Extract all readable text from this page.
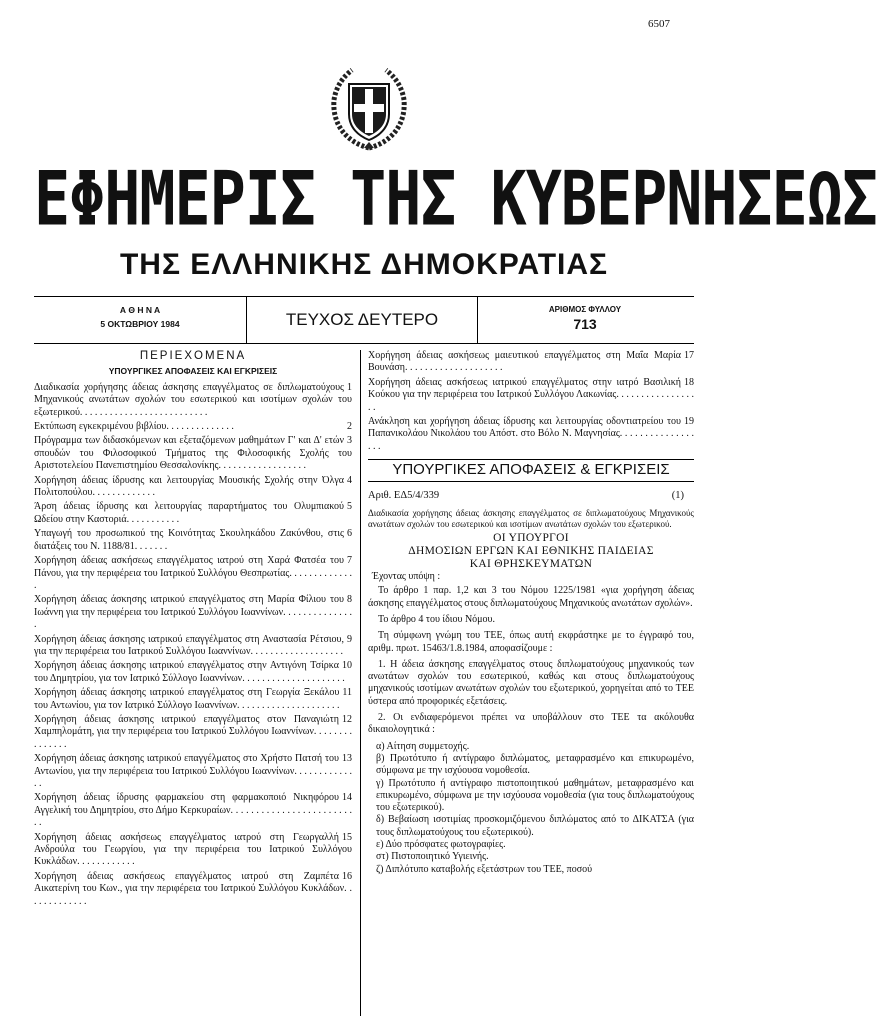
6507
ΕΦΗΜΕΡΙΣ ΤΗΣ ΚΥΒΕΡΝΗΣΕΩΣ
ΤΗΣ ΕΛΛΗΝΙΚΗΣ ΔΗΜΟΚΡΑΤΙΑΣ
Α Θ Η Ν Α
5 ΟΚΤΩΒΡΙΟΥ 1984	ΤΕΥΧΟΣ ΔΕΥΤΕΡΟ
ΑΡΙΘΜΟΣ ΦΥΛΛΟΥ
713
ΠΕΡΙΕΧΟΜΕΝΑ
ΥΠΟΥΡΓΙΚΕΣ ΑΠΟΦΑΣΕΙΣ ΚΑΙ ΕΓΚΡΙΣΕΙΣ
1
Διαδικασία χορήγησης άδειας άσκησης επαγγέλματος σε διπλωματούχους Μηχανικούς ανωτάτων σχολών του εσωτερικού και ισοτίμων σχολών του εξωτερικού. . . . . . . . . . . . . . . . . . . . . . . . . .
2
Εκτύπωση εγκεκριμένου βιβλίου. . . . . . . . . . . . . .
3
Πρόγραμμα των διδασκόμενων και εξεταζόμενων μαθημάτων Γ' και Δ' ετών σπουδών του Φιλοσοφικού Τμήματος της Φιλοσοφικής Σχολής του Αριστοτελείου Πανεπιστημίου Θεσσαλονίκης. . . . . . . . . . . . . . . . . .
4
Χορήγηση άδειας ίδρυσης και λειτουργίας Μουσικής Σχολής στην Όλγα Πολιτοπούλου. . . . . . . . . . . . .
5
Άρση άδειας ίδρυσης και λειτουργίας παραρτήματος του Ολυμπιακού Ωδείου στην Καστοριά. . . . . . . . . . .
6
Υπαγωγή του προσωπικού της Κοινότητας Σκουληκάδου Ζακύνθου, στις διατάξεις του Ν. 1188/81. . . . . . .
7
Χορήγηση άδειας ασκήσεως επαγγέλματος ιατρού στη Χαρά Φατσέα του Πάνου, για την περιφέρεια του Ιατρικού Συλλόγου Θεσπρωτίας. . . . . . . . . . . . . .
8
Χορήγηση άδειας άσκησης ιατρικού επαγγέλματος στη Μαρία Φίλιου του Ιωάννη για την περιφέρεια του Ιατρικού Συλλόγου Ιωαννίνων. . . . . . . . . . . . . . .
9
Χορήγηση άδειας άσκησης ιατρικού επαγγέλματος στη Αναστασία Ρέτσιου, για την περιφέρεια του Ιατρικού Συλλόγου Ιωαννίνων. . . . . . . . . . . . . . . . . . .
10
Χορήγηση άδειας άσκησης ιατρικού επαγγέλματος στην Αντιγόνη Τσίρκα του Δημητρίου, για τον Ιατρικό Σύλλογο Ιωαννίνων. . . . . . . . . . . . . . . . . . . . .
11
Χορήγηση άδειας άσκησης ιατρικού επαγγέλματος στη Γεωργία Ξεκάλου του Αντωνίου, για τον Ιατρικό Σύλλογο Ιωαννίνων. . . . . . . . . . . . . . . . . . . . .
12
Χορήγηση άδειας άσκησης ιατρικού επαγγέλματος στον Παναγιώτη Χαμπηλομάτη, για την περιφέρεια του Ιατρικού Συλλόγου Ιωαννίνων. . . . . . . . . . . . . . .
13
Χορήγηση άδειας άσκησης ιατρικού επαγγέλματος στο Χρήστο Πατσή του Αντωνίου, για την περιφέρεια του Ιατρικού Συλλόγου Ιωαννίνων. . . . . . . . . . . . . .
14
Χορήγηση άδειας ίδρυσης φαρμακείου στη φαρμακοποιό Νικηφόρου Αγγελική του Δημητρίου, στο Δήμο Κερκυραίων. . . . . . . . . . . . . . . . . . . . . . . . . .
15
Χορήγηση άδειας ασκήσεως επαγγέλματος ιατρού στη Γεωργαλλή Ανδρούλα του Γεωργίου, για την περιφέρεια του Ιατρικού Συλλόγου Κυκλάδων. . . . . . . . . . . .
16
Χορήγηση άδειας ασκήσεως επαγγέλματος ιατρού στη Ζαμπέτα Αικατερίνη του Κων., για την περιφέρεια του Ιατρικού Συλλόγου Κυκλάδων. . . . . . . . . . . . .
17
Χορήγηση άδειας ασκήσεως μαιευτικού επαγγέλματος στη Μαΐα Μαρία Βουνάση. . . . . . . . . . . . . . . . . . . .
18
Χορήγηση άδειας ασκήσεως ιατρικού επαγγέλματος στην ιατρό Βασιλική Κούκου για την περιφέρεια του Ιατρικού Συλλόγου Λακωνίας. . . . . . . . . . . . . . . . . .
19
Ανάκληση και χορήγηση άδειας ίδρυσης και λειτουργίας οδοντιατρείου του Παπανικολάου Νικολάου του Απόστ. στο Βόλο Ν. Μαγνησίας. . . . . . . . . . . . . . . . . .
ΥΠΟΥΡΓΙΚΕΣ ΑΠΟΦΑΣΕΙΣ & ΕΓΚΡΙΣΕΙΣ
Αριθ. ΕΔ5/4/339	(1)
Διαδικασία χορήγησης άδειας άσκησης επαγγέλματος σε διπλωματούχους Μηχανικούς ανωτάτων σχολών του εσωτερικού και ισοτίμων ανωτάτων σχολών του εξωτερικού.
ΟΙ ΥΠΟΥΡΓΟΙ
ΔΗΜΟΣΙΩΝ ΕΡΓΩΝ ΚΑΙ ΕΘΝΙΚΗΣ ΠΑΙΔΕΙΑΣ
ΚΑΙ ΘΡΗΣΚΕΥΜΑΤΩΝ
Έχοντας υπόψη :
Το άρθρο 1 παρ. 1,2 και 3 του Νόμου 1225/1981 «για χορήγηση άδειας άσκησης επαγγέλματος στους διπλωματούχους Μηχανικούς ανωτάτων σχολών».
Το άρθρο 4 του ίδιου Νόμου.
Τη σύμφωνη γνώμη του ΤΕΕ, όπως αυτή εκφράστηκε με το έγγραφό του, αριθμ. πρωτ. 15463/1.8.1984, αποφασίζουμε :
1. Η άδεια άσκησης επαγγέλματος στους διπλωματούχους μηχανικούς των ανωτάτων σχολών του εσωτερικού, καθώς και στους διπλωματούχους μηχανικούς ισοτίμων ανωτάτων σχολών του εξωτερικού, χορηγείται από το ΤΕΕ ύστερα από προφορικές εξετάσεις.
2. Οι ενδιαφερόμενοι πρέπει να υποβάλλουν στο ΤΕΕ τα ακόλουθα δικαιολογητικά :
α) Αίτηση συμμετοχής.
β) Πρωτότυπο ή αντίγραφο διπλώματος, μεταφρασμένο και επικυρωμένο, σύμφωνα με την ισχύουσα νομοθεσία.
γ) Πρωτότυπο ή αντίγραφο πιστοποιητικού μαθημάτων, μεταφρασμένο και επικυρωμένο, σύμφωνα με την ισχύουσα νομοθεσία (για τους διπλωματούχους του εξωτερικού).
δ) Βεβαίωση ισοτιμίας προσκομιζόμενου διπλώματος από το ΔΙΚΑΤΣΑ (για τους διπλωματούχους του εξωτερικού).
ε) Δύο πρόσφατες φωτογραφίες.
στ) Πιστοποιητικό Υγιεινής.
ζ) Διπλότυπο καταβολής εξετάστρων του ΤΕΕ, ποσού
